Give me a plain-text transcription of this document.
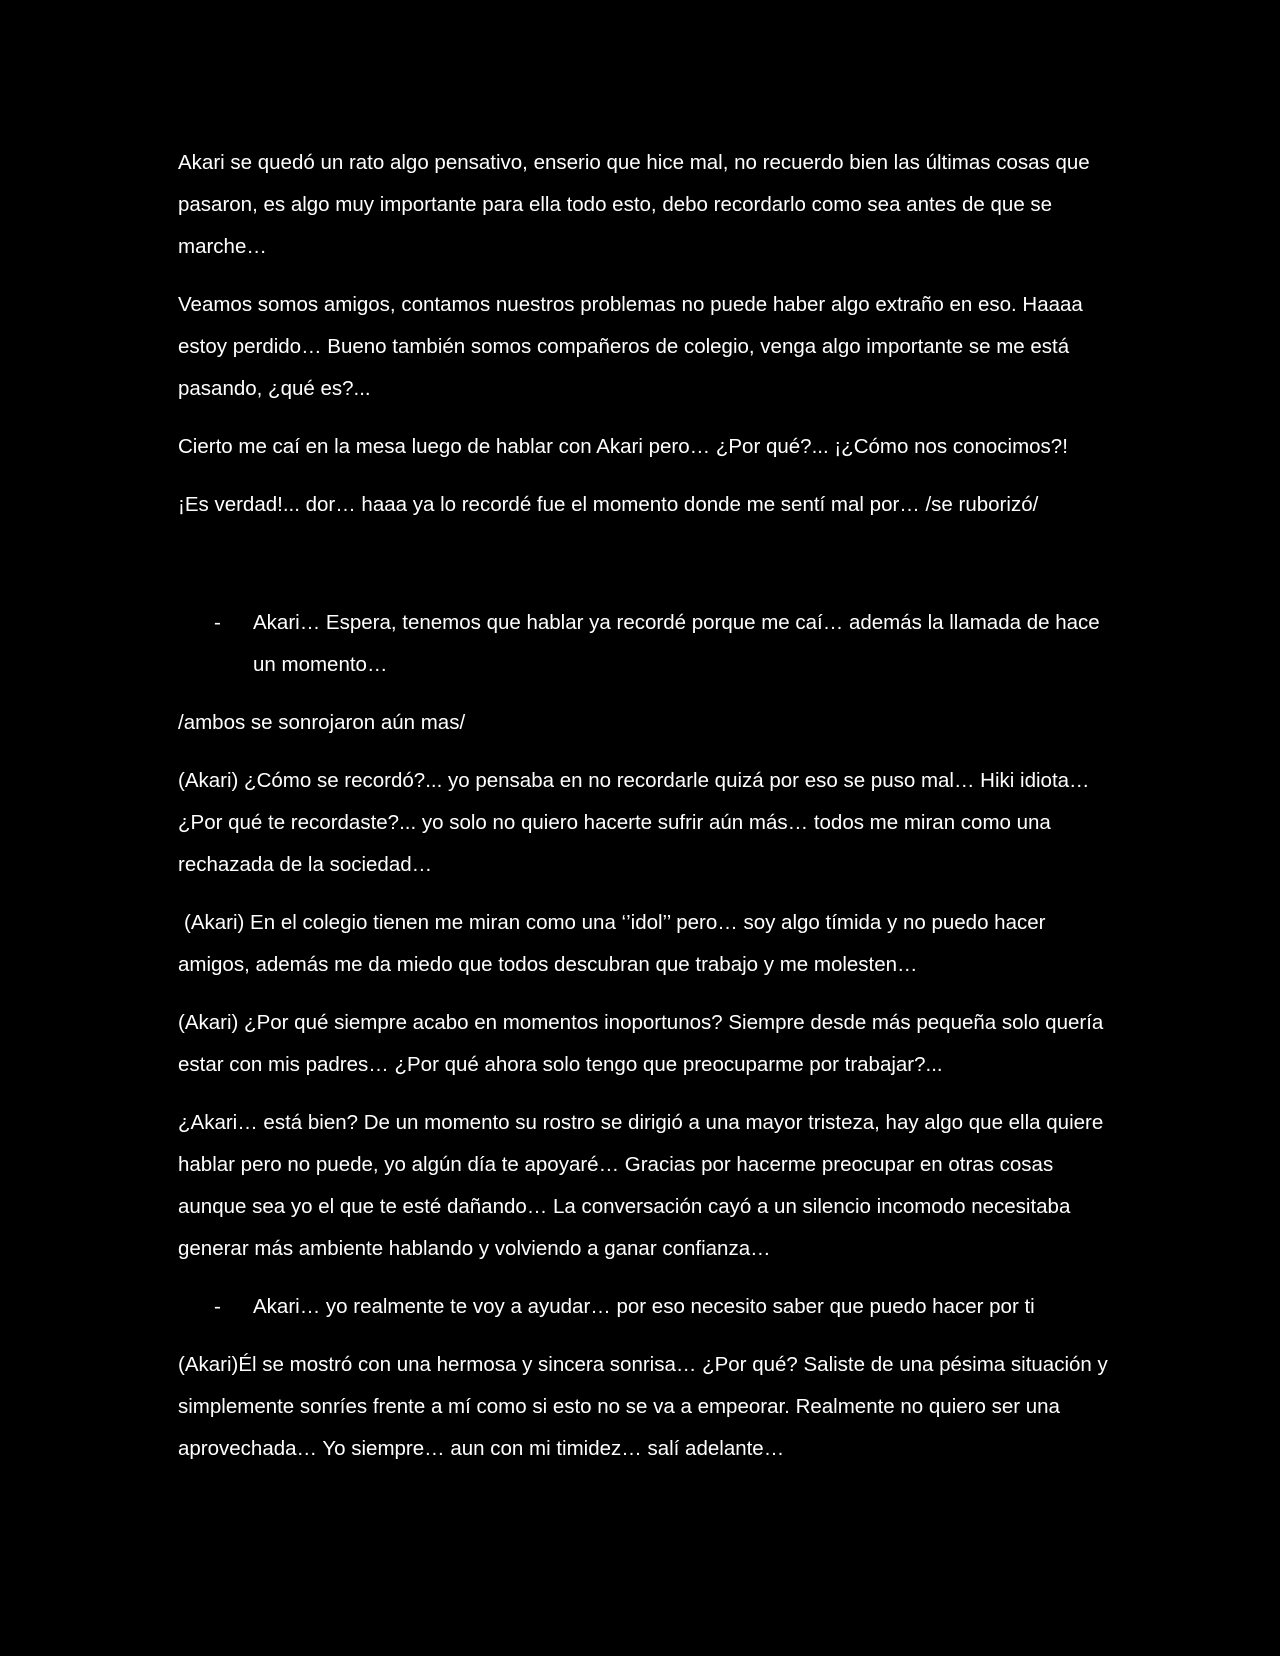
Akari se quedó un rato algo pensativo, enserio que hice mal, no recuerdo bien las últimas cosas que pasaron, es algo muy importante para ella todo esto, debo recordarlo como sea antes de que se marche…

Veamos somos amigos, contamos nuestros problemas no puede haber algo extraño en eso. Haaaa estoy perdido… Bueno también somos compañeros de colegio, venga algo importante se me está pasando, ¿qué es?...

Cierto me caí en la mesa luego de hablar con Akari pero… ¿Por qué?... ¡¿Cómo nos conocimos?!

¡Es verdad!... dor… haaa ya lo recordé fue el momento donde me sentí mal por… /se ruborizó/

- Akari… Espera, tenemos que hablar ya recordé porque me caí… además la llamada de hace un momento…

/ambos se sonrojaron aún mas/

(Akari) ¿Cómo se recordó?... yo pensaba en no recordarle quizá por eso se puso mal… Hiki idiota… ¿Por qué te recordaste?... yo solo no quiero hacerte sufrir aún más… todos me miran como una rechazada de la sociedad…

(Akari) En el colegio tienen me miran como una ‘’idol’’ pero… soy algo tímida y no puedo hacer amigos, además me da miedo que todos descubran que trabajo y me molesten…

(Akari) ¿Por qué siempre acabo en momentos inoportunos? Siempre desde más pequeña solo quería estar con mis padres… ¿Por qué ahora solo tengo que preocuparme por trabajar?...

¿Akari… está bien? De un momento su rostro se dirigió a una mayor tristeza, hay algo que ella quiere hablar pero no puede, yo algún día te apoyaré… Gracias por hacerme preocupar en otras cosas aunque sea yo el que te esté dañando… La conversación cayó a un silencio incomodo necesitaba generar más ambiente hablando y volviendo a ganar confianza…

- Akari… yo realmente te voy a ayudar… por eso necesito saber que puedo hacer por ti

(Akari)Él se mostró con una hermosa y sincera sonrisa… ¿Por qué? Saliste de una pésima situación y simplemente sonríes frente a mí como si esto no se va a empeorar. Realmente no quiero ser una aprovechada… Yo siempre… aun con mi timidez… salí adelante…
